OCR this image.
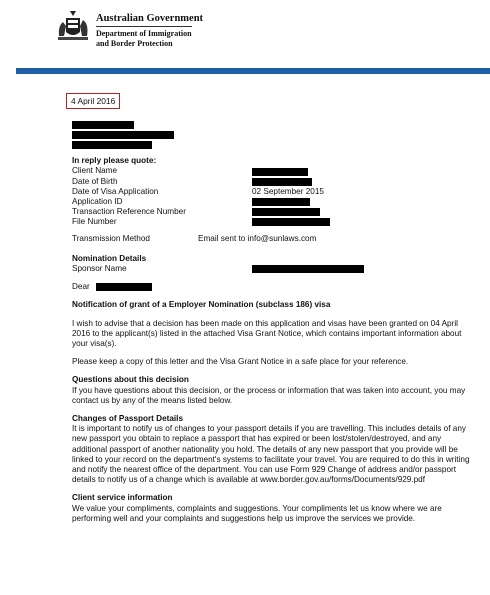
Australian Government
Department of Immigration
and Border Protection
4 April 2016
In reply please quote:
Client Name
Date of Birth
Date of Visa Application	02 September 2015
Application ID
Transaction Reference Number
File Number
Transmission Method	Email sent to info@sunlaws.com
Nomination Details
Sponsor Name
Dear
Notification of grant of a Employer Nomination (subclass 186) visa

I wish to advise that a decision has been made on this application and visas have been granted on 04 April 2016 to the applicant(s) listed in the attached Visa Grant Notice, which contains important information about your visa(s).

Please keep a copy of this letter and the Visa Grant Notice in a safe place for your reference.

Questions about this decision

If you have questions about this decision, or the process or information that was taken into account, you may contact us by any of the means listed below.

Changes of Passport Details

It is important to notify us of changes to your passport details if you are travelling. This includes details of any new passport you obtain to replace a passport that has expired or been lost/stolen/destroyed, and any additional passport of another nationality you hold. The details of any new passport that you provide will be linked to your record on the department's systems to facilitate your travel. You are required to do this in writing and notify the nearest office of the department. You can use Form 929 Change of address and/or passport details to notify us of a change which is available at www.border.gov.au/forms/Documents/929.pdf

Client service information

We value your compliments, complaints and suggestions. Your compliments let us know where we are performing well and your complaints and suggestions help us improve the services we provide.
